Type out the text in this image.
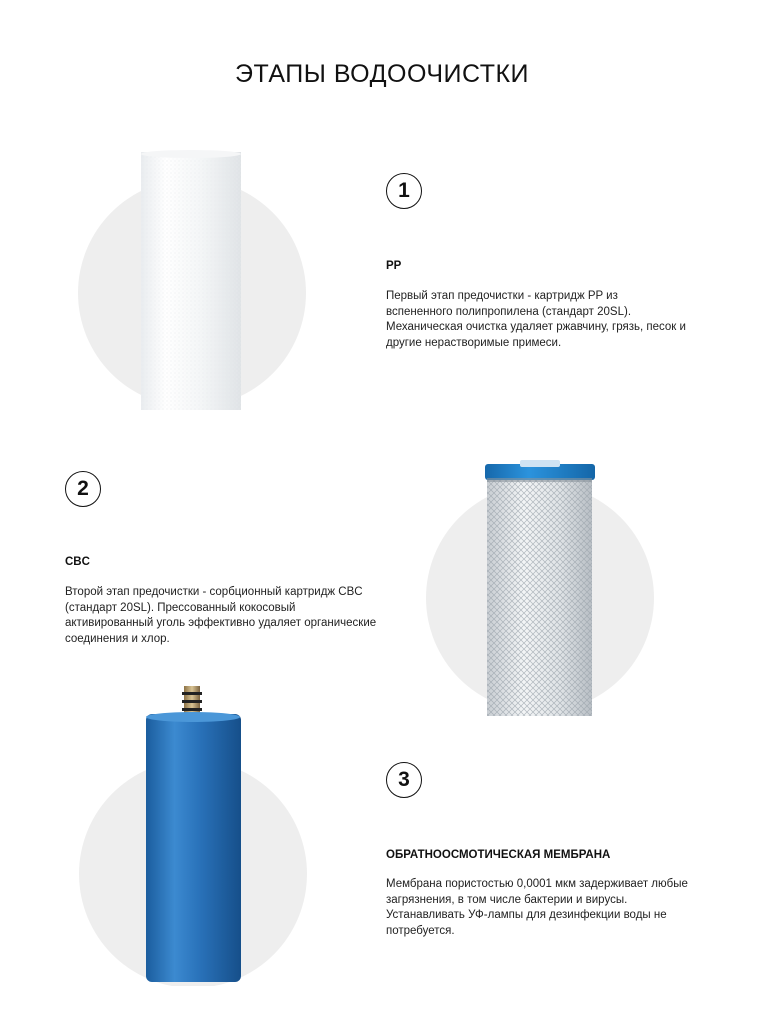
ЭТАПЫ ВОДООЧИСТКИ
1
PP

Первый этап предочистки - картридж PP из вспененного полипропилена (стандарт 20SL). Механическая очистка удаляет ржавчину, грязь, песок и другие нерастворимые примеси.

2
CBC

Второй этап предочистки - сорбционный картридж CBC (стандарт 20SL). Прессованный кокосовый активированный уголь эффективно удаляет органические соединения и хлор.

3
ОБРАТНООСМОТИЧЕСКАЯ МЕМБРАНА

Мембрана пористостью 0,0001 мкм задерживает любые загрязнения, в том числе бактерии и вирусы. Устанавливать УФ-лампы для дезинфекции воды не потребуется.
